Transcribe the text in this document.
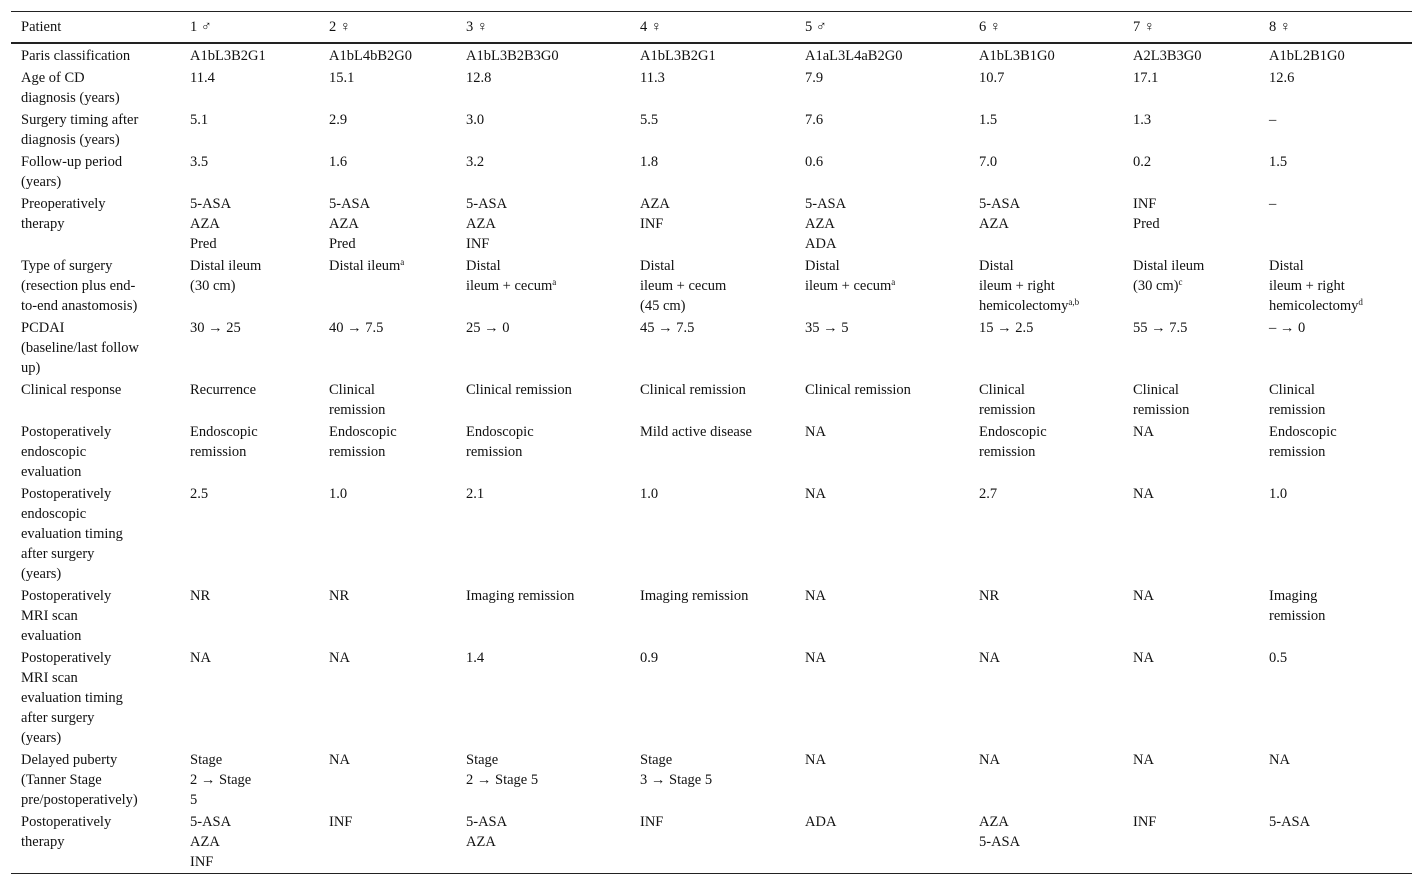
Patient	1 ♂	2 ♀	3 ♀	4 ♀	5 ♂	6 ♀	7 ♀	8 ♀
Paris classification	A1bL3B2G1	A1bL4bB2G0	A1bL3B2B3G0	A1bL3B2G1	A1aL3L4aB2G0	A1bL3B1G0	A2L3B3G0	A1bL2B1G0
Age of CD
diagnosis (years)	11.4	15.1	12.8	11.3	7.9	10.7	17.1	12.6
Surgery timing after
diagnosis (years)	5.1	2.9	3.0	5.5	7.6	1.5	1.3	–
Follow-up period
(years)	3.5	1.6	3.2	1.8	0.6	7.0	0.2	1.5
Preoperatively
therapy	5-ASA
AZA
Pred	5-ASA
AZA
Pred	5-ASA
AZA
INF	AZA
INF	5-ASA
AZA
ADA	5-ASA
AZA	INF
Pred	–
Type of surgery
(resection plus end-
to-end anastomosis)	Distal ileum
(30 cm)	Distal ileum$^a$	Distal
ileum + cecum$^a$	Distal
ileum + cecum
(45 cm)	Distal
ileum + cecum$^a$	Distal
ileum + right
hemicolectomy$^{a,b}$	Distal ileum
(30 cm)$^c$	Distal
ileum + right
hemicolectomy$^d$
PCDAI
(baseline/last follow
up)	30 → 25	40 → 7.5	25 → 0	45 → 7.5	35 → 5	15 → 2.5	55 → 7.5	– → 0
Clinical response	Recurrence	Clinical
remission	Clinical remission	Clinical remission	Clinical remission	Clinical
remission	Clinical
remission	Clinical
remission
Postoperatively
endoscopic
evaluation	Endoscopic
remission	Endoscopic
remission	Endoscopic
remission	Mild active disease	NA	Endoscopic
remission	NA	Endoscopic
remission
Postoperatively
endoscopic
evaluation timing
after surgery
(years)	2.5	1.0	2.1	1.0	NA	2.7	NA	1.0
Postoperatively
MRI scan
evaluation	NR	NR	Imaging remission	Imaging remission	NA	NR	NA	Imaging
remission
Postoperatively
MRI scan
evaluation timing
after surgery
(years)	NA	NA	1.4	0.9	NA	NA	NA	0.5
Delayed puberty
(Tanner Stage
pre/postoperatively)	Stage
2 → Stage
5	NA	Stage
2 → Stage 5	Stage
3 → Stage 5	NA	NA	NA	NA
Postoperatively
therapy	5-ASA
AZA
INF	INF	5-ASA
AZA	INF	ADA	AZA
5-ASA	INF	5-ASA
